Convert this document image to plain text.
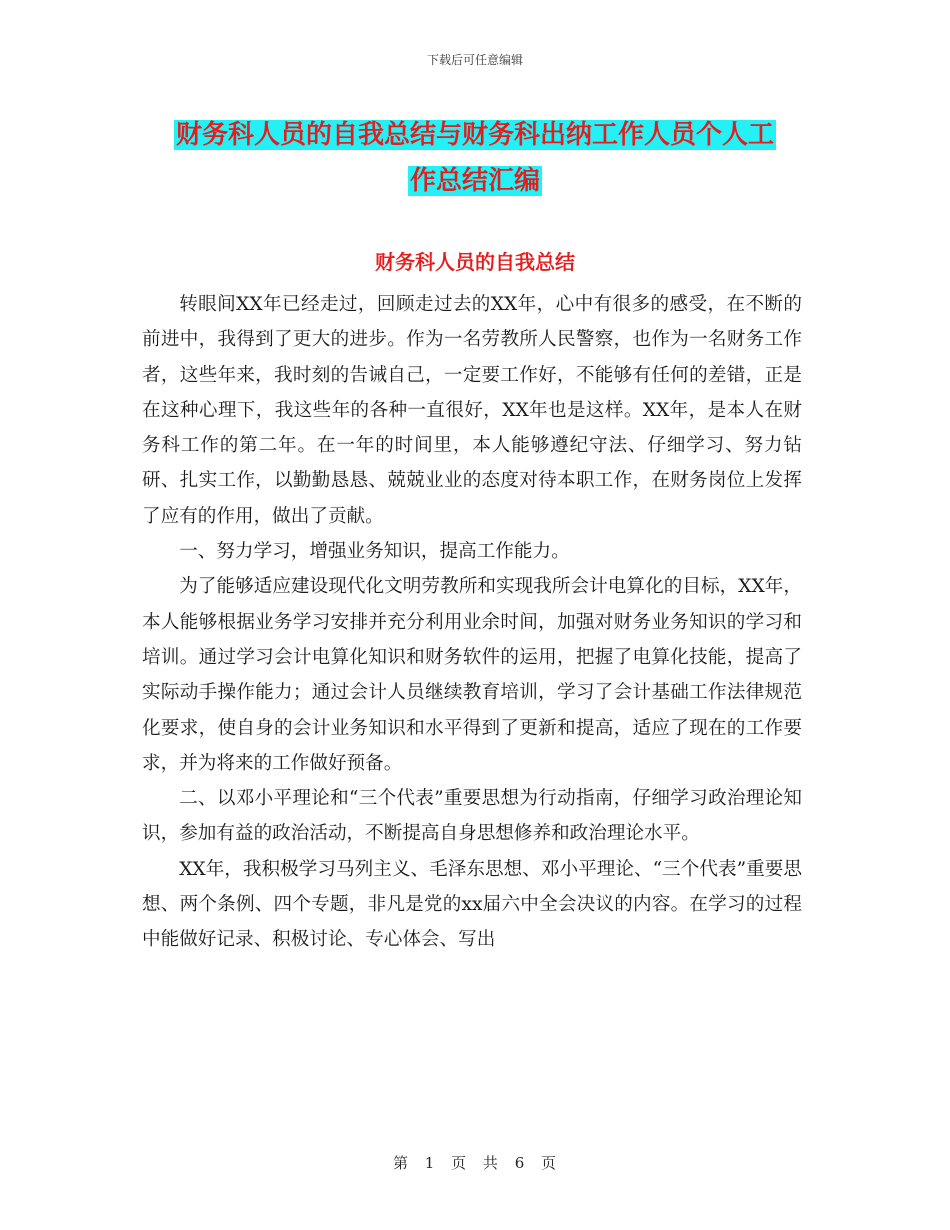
下载后可任意编辑
财务科人员的自我总结与财务科出纳工作人员个人工
作总结汇编
财务科人员的自我总结

转眼间XX年已经走过，回顾走过去的XX年，心中有很多的感受，在不断的前进中，我得到了更大的进步。作为一名劳教所人民警察，也作为一名财务工作者，这些年来，我时刻的告诫自己，一定要工作好，不能够有任何的差错，正是在这种心理下，我这些年的各种一直很好，XX年也是这样。XX年，是本人在财务科工作的第二年。在一年的时间里，本人能够遵纪守法、仔细学习、努力钻研、扎实工作，以勤勤恳恳、兢兢业业的态度对待本职工作，在财务岗位上发挥了应有的作用，做出了贡献。

一、努力学习，增强业务知识，提高工作能力。

为了能够适应建设现代化文明劳教所和实现我所会计电算化的目标，XX年，本人能够根据业务学习安排并充分利用业余时间，加强对财务业务知识的学习和培训。通过学习会计电算化知识和财务软件的运用，把握了电算化技能，提高了实际动手操作能力；通过会计人员继续教育培训，学习了会计基础工作法律规范化要求，使自身的会计业务知识和水平得到了更新和提高，适应了现在的工作要求，并为将来的工作做好预备。

二、以邓小平理论和“三个代表”重要思想为行动指南，仔细学习政治理论知识，参加有益的政治活动，不断提高自身思想修养和政治理论水平。

XX年，我积极学习马列主义、毛泽东思想、邓小平理论、“三个代表”重要思想、两个条例、四个专题，非凡是党的xx届六中全会决议的内容。在学习的过程中能做好记录、积极讨论、专心体会、写出

第 1 页 共 6 页
